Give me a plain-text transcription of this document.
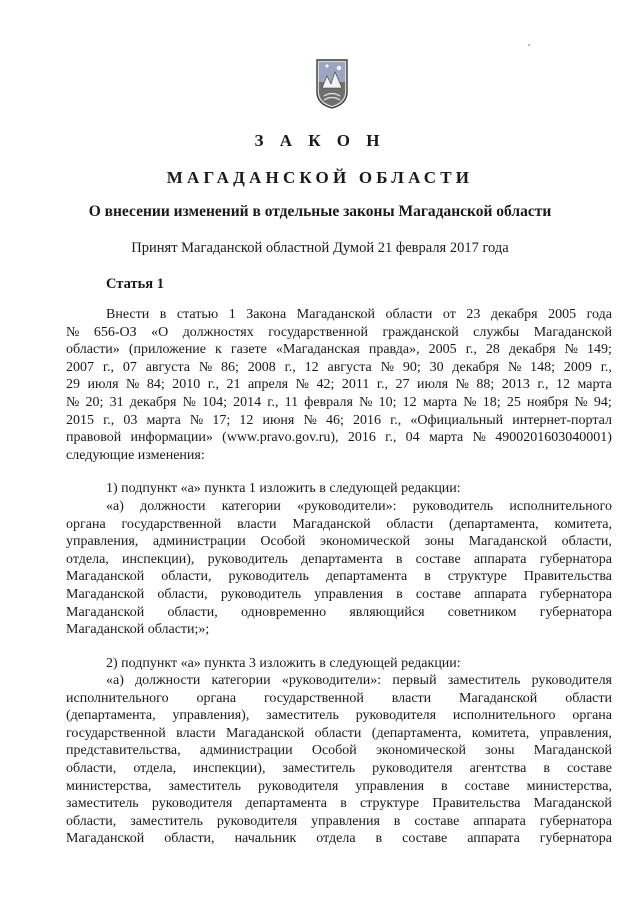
З А К О Н
МАГАДАНСКОЙ ОБЛАСТИ
О внесении изменений в отдельные законы Магаданской области
Принят Магаданской областной Думой 21 февраля 2017 года
Статья 1
Внести в статью 1 Закона Магаданской области от 23 декабря 2005 года
№ 656-ОЗ «О должностях государственной гражданской службы Магаданской
области» (приложение к газете «Магаданская правда», 2005 г., 28 декабря № 149;
2007 г., 07 августа № 86; 2008 г., 12 августа № 90; 30 декабря № 148; 2009 г.,
29 июля № 84; 2010 г., 21 апреля № 42; 2011 г., 27 июля № 88; 2013 г., 12 марта
№ 20; 31 декабря № 104; 2014 г., 11 февраля № 10; 12 марта № 18; 25 ноября № 94;
2015 г., 03 марта № 17; 12 июня № 46; 2016 г., «Официальный интернет-портал
правовой информации» (www.pravo.gov.ru), 2016 г., 04 марта № 4900201603040001)
следующие изменения:
1) подпункт «а» пункта 1 изложить в следующей редакции:
«а) должности категории «руководители»: руководитель исполнительного
органа государственной власти Магаданской области (департамента, комитета,
управления, администрации Особой экономической зоны Магаданской области,
отдела, инспекции), руководитель департамента в составе аппарата губернатора
Магаданской области, руководитель департамента в структуре Правительства
Магаданской области, руководитель управления в составе аппарата губернатора
Магаданской области, одновременно являющийся советником губернатора
Магаданской области;»;
2) подпункт «а» пункта 3 изложить в следующей редакции:
«а) должности категории «руководители»: первый заместитель руководителя
исполнительного органа государственной власти Магаданской области
(департамента, управления), заместитель руководителя исполнительного органа
государственной власти Магаданской области (департамента, комитета, управления,
представительства, администрации Особой экономической зоны Магаданской
области, отдела, инспекции), заместитель руководителя агентства в составе
министерства, заместитель руководителя управления в составе министерства,
заместитель руководителя департамента в структуре Правительства Магаданской
области, заместитель руководителя управления в составе аппарата губернатора
Магаданской области, начальник отдела в составе аппарата губернатора
